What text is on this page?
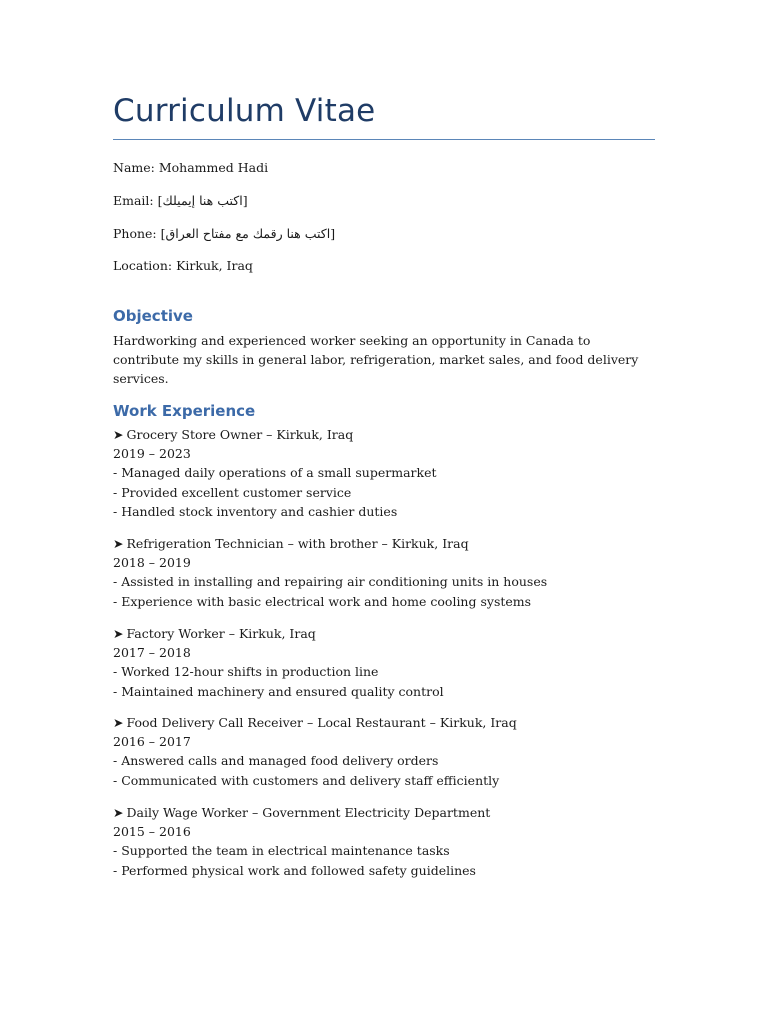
Curriculum Vitae
Name: Mohammed Hadi
Email: [اكتب هنا إيميلك]
Phone: [اكتب هنا رقمك مع مفتاح العراق]
Location: Kirkuk, Iraq
Objective
Hardworking and experienced worker seeking an opportunity in Canada to contribute my skills in general labor, refrigeration, market sales, and food delivery services.
Work Experience
➤ Grocery Store Owner – Kirkuk, Iraq
2019 – 2023
- Managed daily operations of a small supermarket
- Provided excellent customer service
- Handled stock inventory and cashier duties
➤ Refrigeration Technician – with brother – Kirkuk, Iraq
2018 – 2019
- Assisted in installing and repairing air conditioning units in houses
- Experience with basic electrical work and home cooling systems
➤ Factory Worker – Kirkuk, Iraq
2017 – 2018
- Worked 12-hour shifts in production line
- Maintained machinery and ensured quality control
➤ Food Delivery Call Receiver – Local Restaurant – Kirkuk, Iraq
2016 – 2017
- Answered calls and managed food delivery orders
- Communicated with customers and delivery staff efficiently
➤ Daily Wage Worker – Government Electricity Department
2015 – 2016
- Supported the team in electrical maintenance tasks
- Performed physical work and followed safety guidelines
